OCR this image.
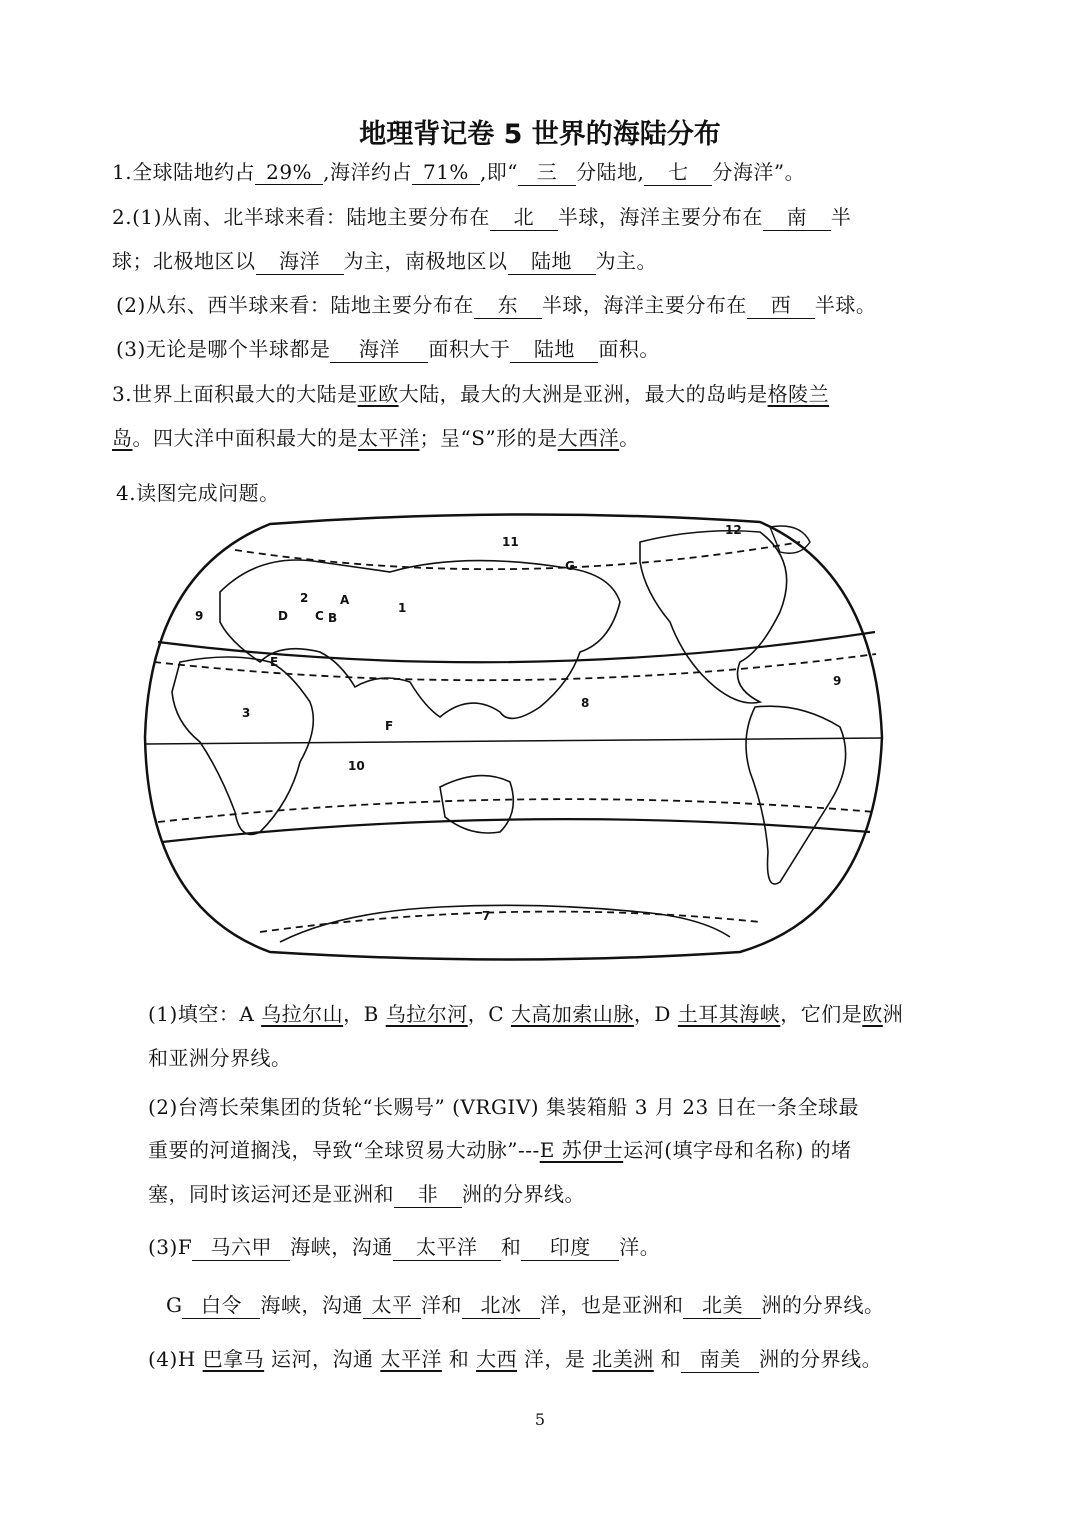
地理背记卷 5 世界的海陆分布
1.全球陆地约占 29% ,海洋约占 71% ,即“ 三 分陆地, 七 分海洋”。
2.(1)从南、北半球来看：陆地主要分布在 北 半球，海洋主要分布在 南 半
球；北极地区以 海洋 为主，南极地区以 陆地 为主。
(2)从东、西半球来看：陆地主要分布在 东 半球，海洋主要分布在 西 半球。
(3)无论是哪个半球都是 海洋 面积大于 陆地 面积。
3.世界上面积最大的大陆是亚欧大陆，最大的大洲是亚洲，最大的岛屿是格陵兰
岛。四大洋中面积最大的是太平洋；呈“S”形的是大西洋。
4.读图完成问题。
1
2
3
7
8
9
9
10
11
12
A
B
C
D
E
F
G
(1)填空：A 乌拉尔山，B 乌拉尔河，C 大高加索山脉，D 土耳其海峡，它们是欧洲
和亚洲分界线。
(2)台湾长荣集团的货轮“长赐号” (VRGIV) 集装箱船 3 月 23 日在一条全球最
重要的河道搁浅，导致“全球贸易大动脉”---E 苏伊士运河(填字母和名称) 的堵
塞，同时该运河还是亚洲和 非 洲的分界线。
(3)F 马六甲 海峡，沟通 太平洋 和 印度 洋。
G 白令 海峡，沟通 太平 洋和 北冰 洋，也是亚洲和 北美 洲的分界线。
(4)H 巴拿马 运河，沟通 太平洋 和 大西 洋，是 北美洲 和 南美 洲的分界线。
5
